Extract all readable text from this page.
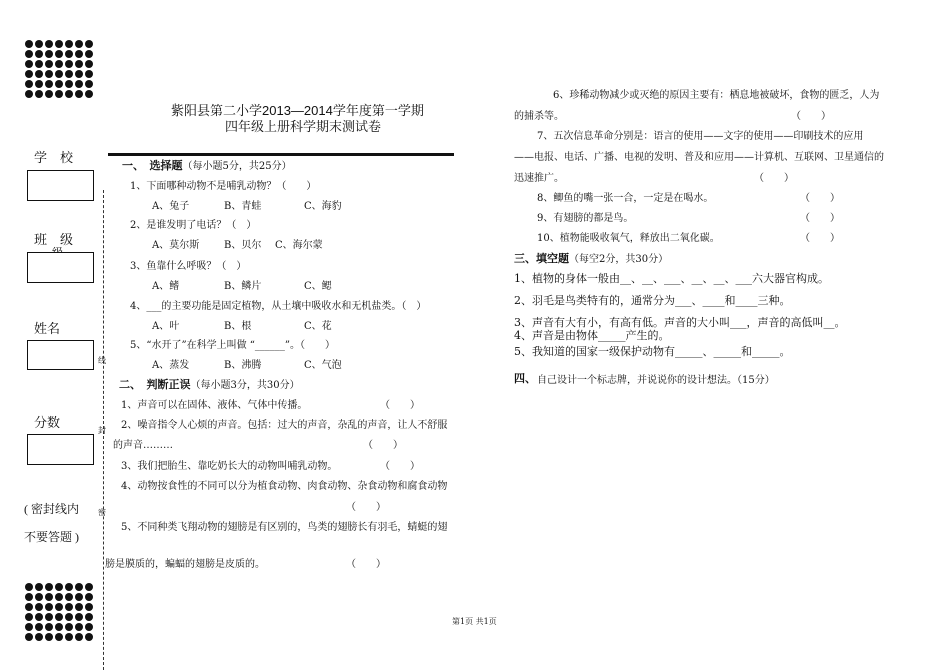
学　校
班　级
姓名
分数
( 密封线内
不要答题 )
线
封
密
紫阳县第二小学2013—2014学年度第一学期
四年级上册科学期末测试卷
一、　选择题（每小题5分，共25分）
1、下面哪种动物不是哺乳动物？（　　）
A、兔子	B、青蛙	C、海豹
2、是谁发明了电话？（　）
A、莫尔斯 B、贝尔 C、海尔蒙
3、鱼靠什么呼吸？（　）
A、鳍	B、鳞片	C、鳃
4、___的主要功能是固定植物，从土壤中吸收水和无机盐类。（　）
A、叶	B、根	C、花
5、“水开了”在科学上叫做 “______”。（　　）
A、蒸发	B、沸腾	C、气泡
二、　判断正误（每小题3分，共30分）
1、声音可以在固体、液体、气体中传播。	（　　）
2、噪音指令人心烦的声音。包括：过大的声音，杂乱的声音，让人不舒服
的声音………	（　　）
3、我们把胎生、靠吃奶长大的动物叫哺乳动物。	（　　）
4、动物按食性的不同可以分为植食动物、肉食动物、杂食动物和腐食动物
（　　）
5、不同种类飞翔动物的翅膀是有区别的，鸟类的翅膀长有羽毛，蜻蜓的翅
膀是膜质的，蝙蝠的翅膀是皮质的。	（　　）
6、珍稀动物减少或灭绝的原因主要有：栖息地被破坏，食物的匮乏，人为
的捕杀等。	（　　）
7、五次信息革命分别是：语言的使用——文字的使用——印刷技术的应用
——电报、电话、广播、电视的发明、普及和应用——计算机、互联网、卫星通信的
迅速推广。	（　　）
8、鲫鱼的嘴一张一合，一定是在喝水。	（　　）
9、有翅膀的都是鸟。	（　　）
10、植物能吸收氧气，释放出二氧化碳。	（　　）
三、填空题（每空2分，共30分）
1、植物的身体一般由__、__、___、__、__、___六大器官构成。
2、羽毛是鸟类特有的，通常分为___、____和____三种。
3、声音有大有小，有高有低。声音的大小叫___，声音的高低叫__。
4、声音是由物体_____产生的。
5、我知道的国家一级保护动物有_____、_____和_____。
四、 自己设计一个标志牌，并说说你的设计想法。（15分）
第1页 共1页
